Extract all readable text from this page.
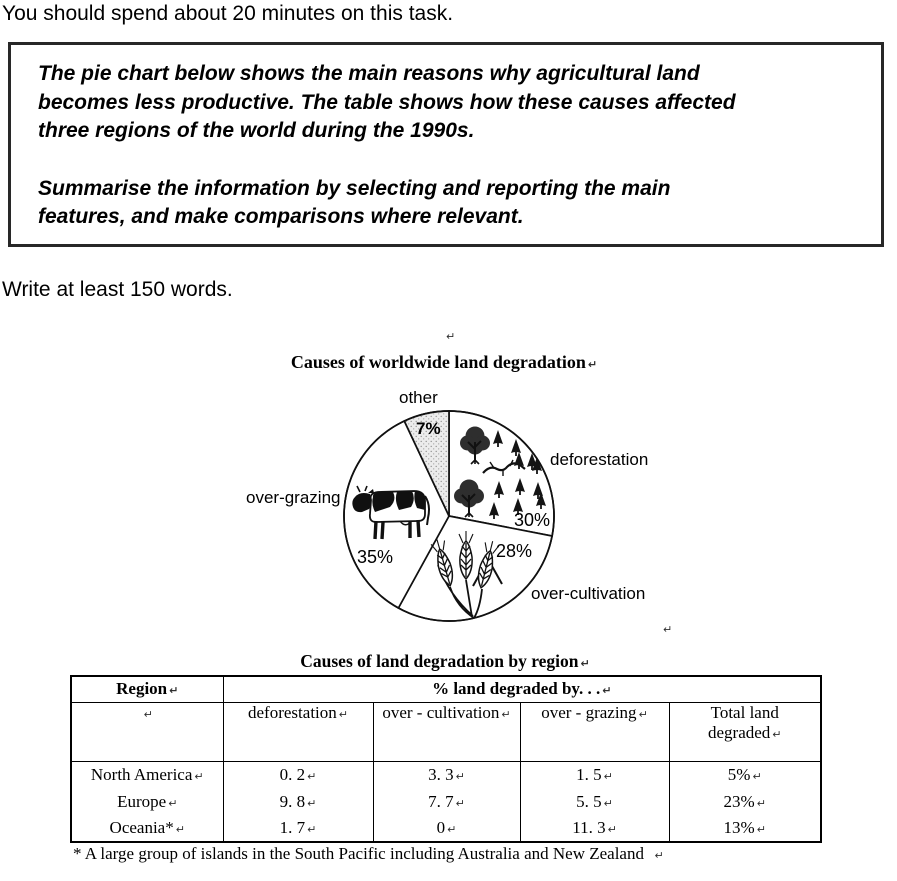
You should spend about 20 minutes on this task.
The pie chart below shows the main reasons why agricultural land
becomes less productive. The table shows how these causes affected
three regions of the world during the 1990s.
Summarise the information by selecting and reporting the main
features, and make comparisons where relevant.
Write at least 150 words.
↵
Causes of worldwide land degradation ↵
other
7%
deforestation
30%
28%
over-cultivation
35%
over-grazing
↵
Causes of land degradation by region ↵
Region ↵	% land degraded by. . . ↵			
↵	deforestation ↵	over - cultivation ↵	over - grazing ↵	Total land
degraded ↵

North America ↵	0. 2 ↵	3. 3 ↵	1. 5 ↵	5% ↵
Europe ↵	9. 8 ↵	7. 7 ↵	5. 5 ↵	23% ↵
Oceania* ↵	1. 7 ↵	0 ↵	11. 3 ↵	13% ↵
* A large group of islands in the South Pacific including Australia and New Zealand ↵
